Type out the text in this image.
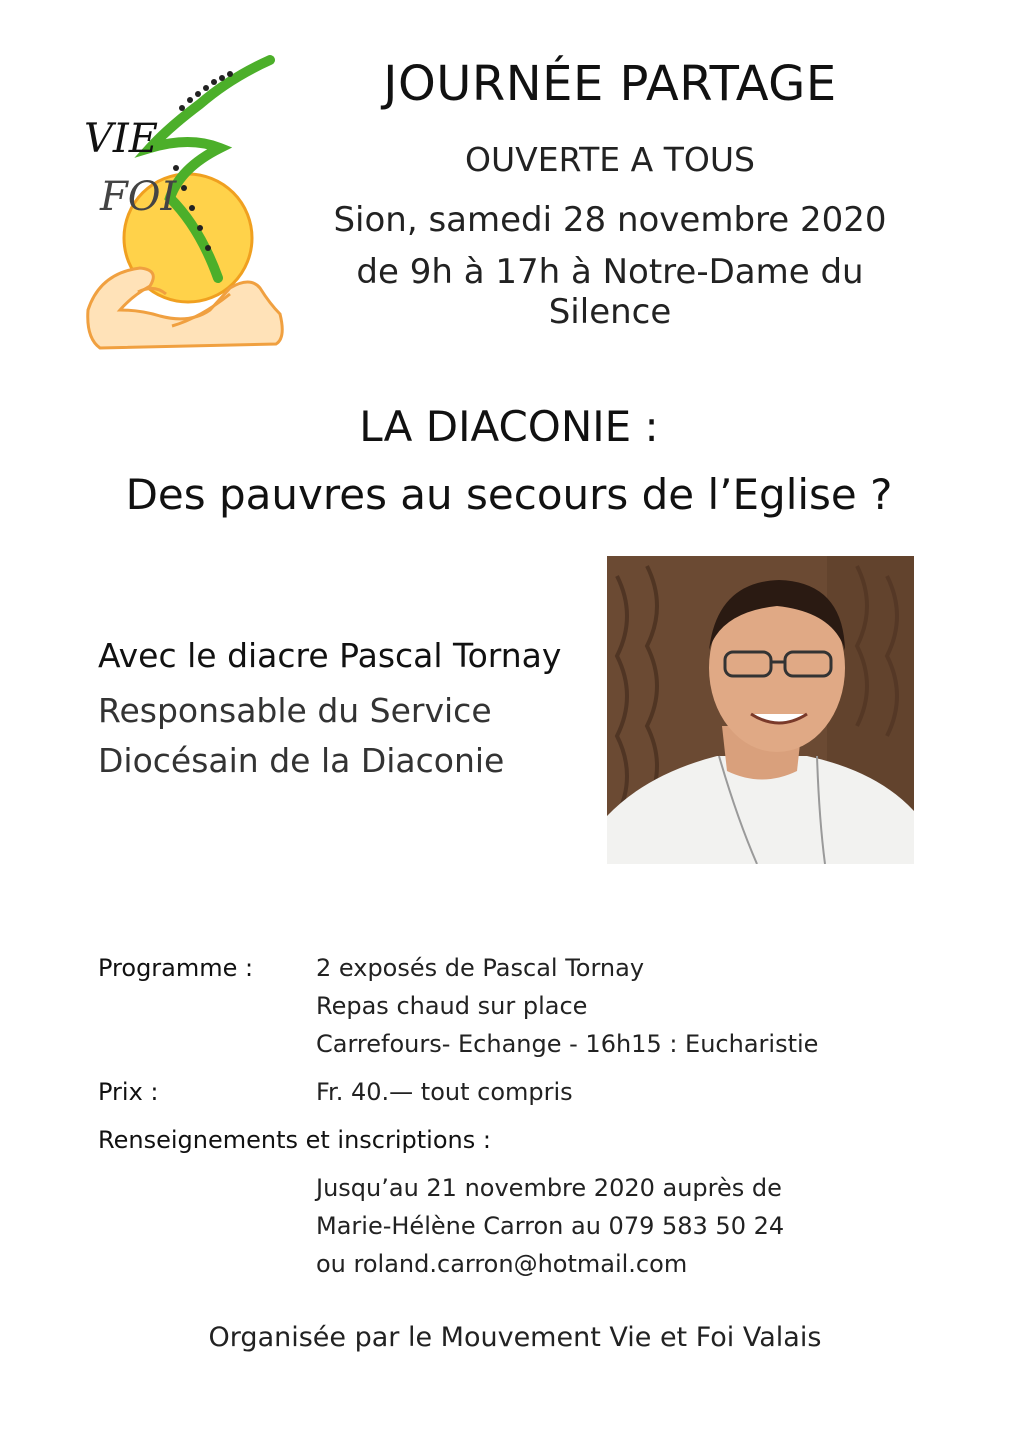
VIE
FOI
JOURNÉE PARTAGE
OUVERTE A TOUS
Sion, samedi 28 novembre 2020
de 9h à 17h à Notre-Dame du Silence
LA DIACONIE :
Des pauvres au secours de l’Eglise ?
Avec le diacre Pascal Tornay
Responsable du Service
Diocésain de la Diaconie
Programme :	2 exposés de Pascal Tornay
Repas chaud sur place
Carrefours- Echange - 16h15 : Eucharistie
Prix :	Fr. 40.— tout compris
Renseignements et inscriptions :
Jusqu’au 21 novembre 2020 auprès de
Marie-Hélène Carron au 079 583 50 24
ou roland.carron@hotmail.com
Organisée par le Mouvement Vie et Foi Valais
